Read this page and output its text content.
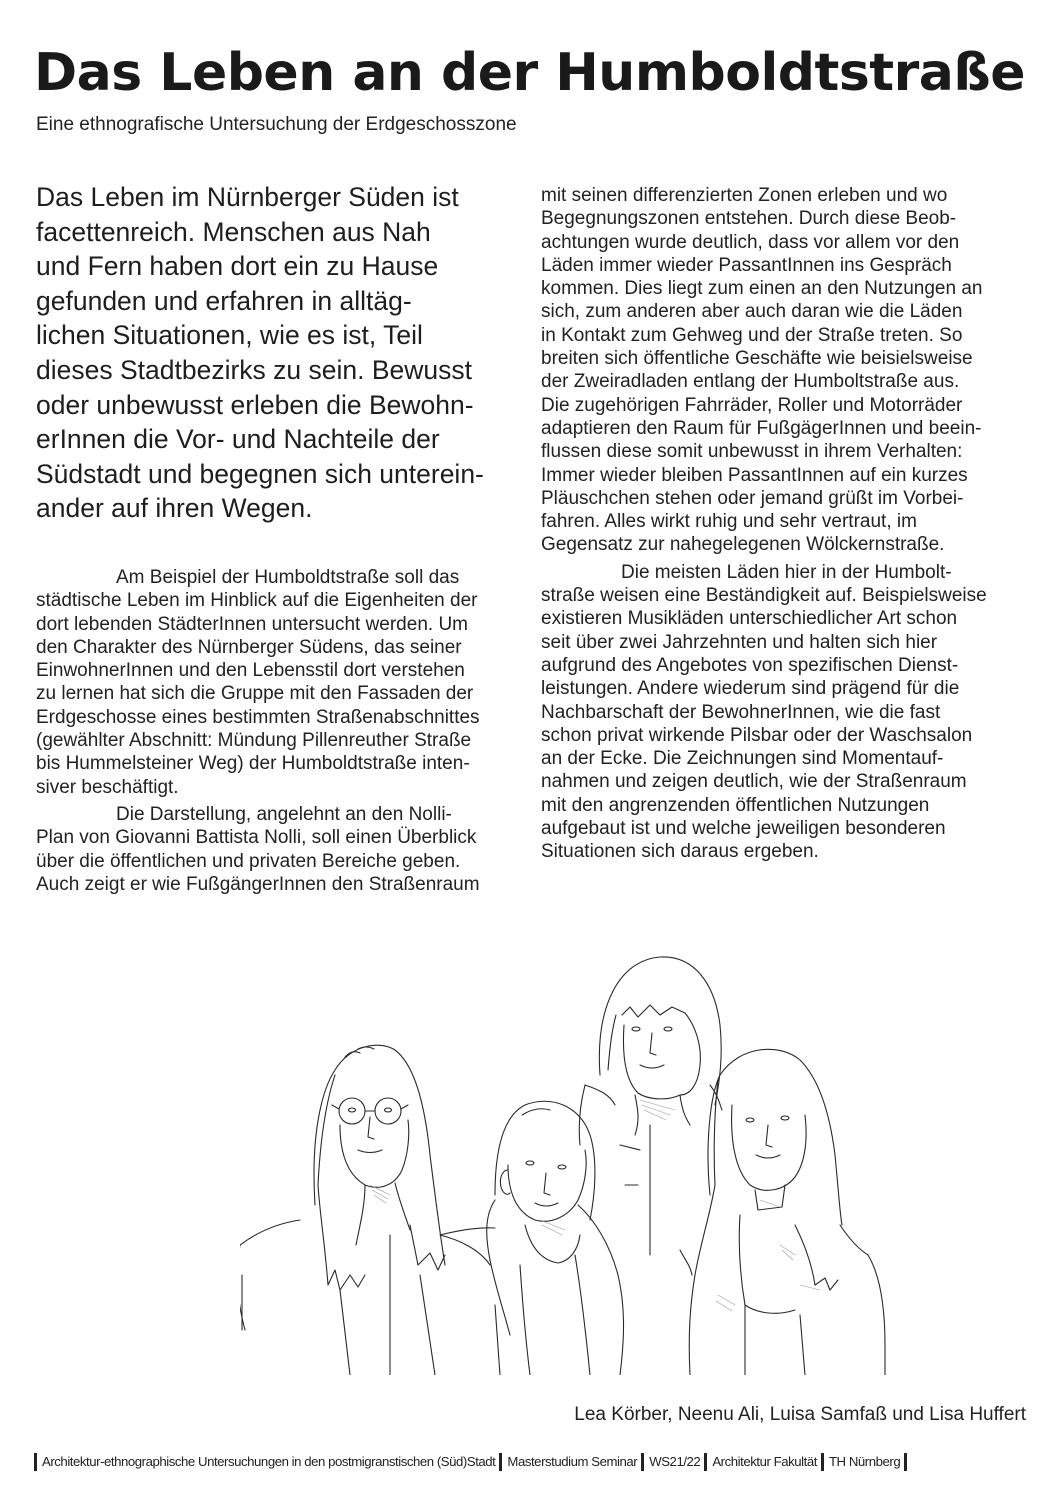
Das Leben an der Humboldtstraße

Eine ethnografische Untersuchung der Erdgeschosszone

Das Leben im Nürnberger Süden ist
facettenreich. Menschen aus Nah
und Fern haben dort ein zu Hause
gefunden und erfahren in alltäg-
lichen Situationen, wie es ist, Teil
dieses Stadtbezirks zu sein. Bewusst
oder unbewusst erleben die Bewohn-
erInnen die Vor- und Nachteile der
Südstadt und begegnen sich unterein-
ander auf ihren Wegen.
Am Beispiel der Humboldtstraße soll das
städtische Leben im Hinblick auf die Eigenheiten der
dort lebenden StädterInnen untersucht werden. Um
den Charakter des Nürnberger Südens, das seiner
EinwohnerInnen und den Lebensstil dort verstehen
zu lernen hat sich die Gruppe mit den Fassaden der
Erdgeschosse eines bestimmten Straßenabschnittes
(gewählter Abschnitt: Mündung Pillenreuther Straße
bis Hummelsteiner Weg) der Humboldtstraße inten-
siver beschäftigt.
Die Darstellung, angelehnt an den Nolli-
Plan von Giovanni Battista Nolli, soll einen Überblick
über die öffentlichen und privaten Bereiche geben.
Auch zeigt er wie FußgängerInnen den Straßenraum
mit seinen differenzierten Zonen erleben und wo
Begegnungszonen entstehen. Durch diese Beob-
achtungen wurde deutlich, dass vor allem vor den
Läden immer wieder PassantInnen ins Gespräch
kommen. Dies liegt zum einen an den Nutzungen an
sich, zum anderen aber auch daran wie die Läden
in Kontakt zum Gehweg und der Straße treten. So
breiten sich öffentliche Geschäfte wie beisielsweise
der Zweiradladen entlang der Humboltstraße aus.
Die zugehörigen Fahrräder, Roller und Motorräder
adaptieren den Raum für FußgägerInnen und beein-
flussen diese somit unbewusst in ihrem Verhalten:
Immer wieder bleiben PassantInnen auf ein kurzes
Pläuschchen stehen oder jemand grüßt im Vorbei-
fahren. Alles wirkt ruhig und sehr vertraut, im
Gegensatz zur nahegelegenen Wölckernstraße.
Die meisten Läden hier in der Humbolt-
straße weisen eine Beständigkeit auf. Beispielsweise
existieren Musikläden unterschiedlicher Art schon
seit über zwei Jahrzehnten und halten sich hier
aufgrund des Angebotes von spezifischen Dienst-
leistungen. Andere wiederum sind prägend für die
Nachbarschaft der BewohnerInnen, wie die fast
schon privat wirkende Pilsbar oder der Waschsalon
an der Ecke. Die Zeichnungen sind Momentauf-
nahmen und zeigen deutlich, wie der Straßenraum
mit den angrenzenden öffentlichen Nutzungen
aufgebaut ist und welche jeweiligen besonderen
Situationen sich daraus ergeben.

Lea Körber, Neenu Ali, Luisa Samfaß und Lisa Huffert

Architektur-ethnographische Untersuchungen in den postmigranstischen (Süd)Stadt Masterstudium Seminar WS21/22 Architektur Fakultät TH Nürnberg
